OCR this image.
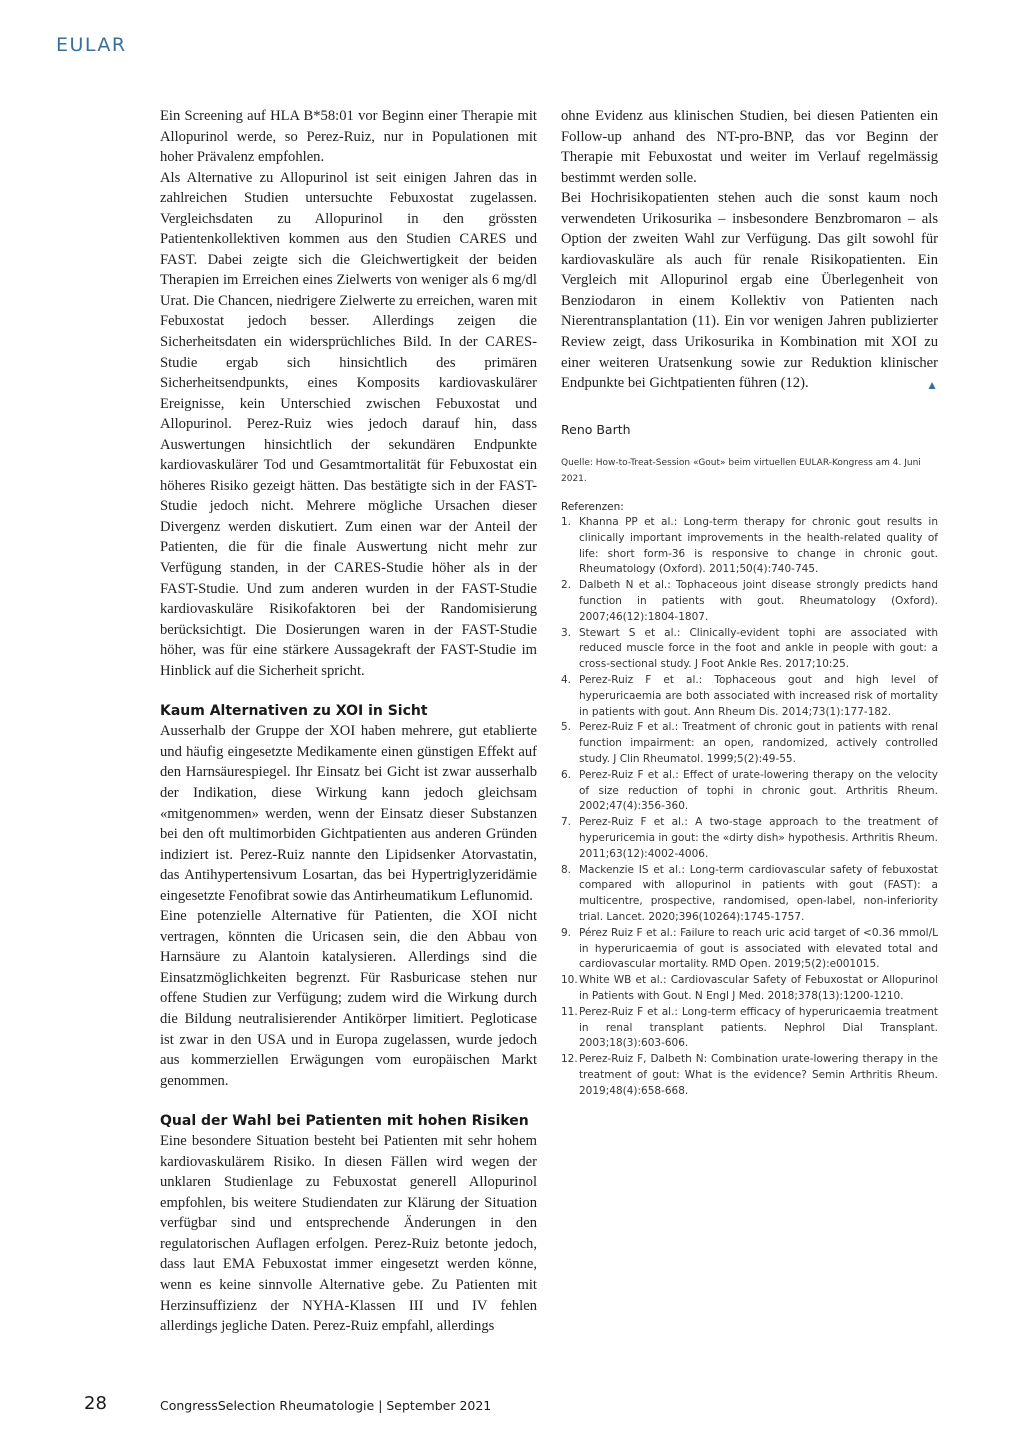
EULAR

Ein Screening auf HLA B*58:01 vor Beginn einer Therapie mit Allopurinol werde, so Perez-Ruiz, nur in Populationen mit hoher Prävalenz empfohlen.

Als Alternative zu Allopurinol ist seit einigen Jahren das in zahlreichen Studien untersuchte Febuxostat zugelassen. Vergleichsdaten zu Allopurinol in den grössten Patientenkollektiven kommen aus den Studien CARES und FAST. Dabei zeigte sich die Gleichwertigkeit der beiden Therapien im Erreichen eines Zielwerts von weniger als 6 mg/dl Urat. Die Chancen, niedrigere Zielwerte zu erreichen, waren mit Febuxostat jedoch besser. Allerdings zeigen die Sicherheitsdaten ein widersprüchliches Bild. In der CARES-Studie ergab sich hinsichtlich des primären Sicherheitsendpunkts, eines Komposits kardiovaskulärer Ereignisse, kein Unterschied zwischen Febuxostat und Allopurinol. Perez-Ruiz wies jedoch darauf hin, dass Auswertungen hinsichtlich der sekundären Endpunkte kardiovaskulärer Tod und Gesamtmortalität für Febuxostat ein höheres Risiko gezeigt hätten. Das bestätigte sich in der FAST-Studie jedoch nicht. Mehrere mögliche Ursachen dieser Divergenz werden diskutiert. Zum einen war der Anteil der Patienten, die für die finale Auswertung nicht mehr zur Verfügung standen, in der CARES-Studie höher als in der FAST-Studie. Und zum anderen wurden in der FAST-Studie kardiovaskuläre Risikofaktoren bei der Randomisierung berücksichtigt. Die Dosierungen waren in der FAST-Studie höher, was für eine stärkere Aussagekraft der FAST-Studie im Hinblick auf die Sicherheit spricht.

Kaum Alternativen zu XOI in Sicht

Ausserhalb der Gruppe der XOI haben mehrere, gut etablierte und häufig eingesetzte Medikamente einen günstigen Effekt auf den Harnsäurespiegel. Ihr Einsatz bei Gicht ist zwar ausserhalb der Indikation, diese Wirkung kann jedoch gleichsam «mitgenommen» werden, wenn der Einsatz dieser Substanzen bei den oft multimorbiden Gichtpatienten aus anderen Gründen indiziert ist. Perez-Ruiz nannte den Lipidsenker Atorvastatin, das Antihypertensivum Losartan, das bei Hypertriglyzeridämie eingesetzte Fenofibrat sowie das Antirheumatikum Leflunomid.

Eine potenzielle Alternative für Patienten, die XOI nicht vertragen, könnten die Uricasen sein, die den Abbau von Harnsäure zu Alantoin katalysieren. Allerdings sind die Einsatzmöglichkeiten begrenzt. Für Rasburicase stehen nur offene Studien zur Verfügung; zudem wird die Wirkung durch die Bildung neutralisierender Antikörper limitiert. Pegloticase ist zwar in den USA und in Europa zugelassen, wurde jedoch aus kommerziellen Erwägungen vom europäischen Markt genommen.

Qual der Wahl bei Patienten mit hohen Risiken

Eine besondere Situation besteht bei Patienten mit sehr hohem kardiovaskulärem Risiko. In diesen Fällen wird wegen der unklaren Studienlage zu Febuxostat generell Allopurinol empfohlen, bis weitere Studiendaten zur Klärung der Situation verfügbar sind und entsprechende Änderungen in den regulatorischen Auflagen erfolgen. Perez-Ruiz betonte jedoch, dass laut EMA Febuxostat immer eingesetzt werden könne, wenn es keine sinnvolle Alternative gebe. Zu Patienten mit Herzinsuffizienz der NYHA-Klassen III und IV fehlen allerdings jegliche Daten. Perez-Ruiz empfahl, allerdings

ohne Evidenz aus klinischen Studien, bei diesen Patienten ein Follow-up anhand des NT-pro-BNP, das vor Beginn der Therapie mit Febuxostat und weiter im Verlauf regelmässig bestimmt werden solle.

Bei Hochrisikopatienten stehen auch die sonst kaum noch verwendeten Urikosurika – insbesondere Benzbromaron – als Option der zweiten Wahl zur Verfügung. Das gilt sowohl für kardiovaskuläre als auch für renale Risikopatienten. Ein Vergleich mit Allopurinol ergab eine Überlegenheit von Benziodaron in einem Kollektiv von Patienten nach Nierentransplantation (11). Ein vor wenigen Jahren publizierter Review zeigt, dass Urikosurika in Kombination mit XOI zu einer weiteren Uratsenkung sowie zur Reduktion klinischer Endpunkte bei Gichtpatienten führen (12).	▲

Reno Barth

Quelle: How-to-Treat-Session «Gout» beim virtuellen EULAR-Kongress am 4. Juni 2021.

Referenzen:

1. Khanna PP et al.: Long-term therapy for chronic gout results in clinically important improvements in the health-related quality of life: short form-36 is responsive to change in chronic gout. Rheumatology (Oxford). 2011;50(4):740-745.

2. Dalbeth N et al.: Tophaceous joint disease strongly predicts hand function in patients with gout. Rheumatology (Oxford). 2007;46(12):1804-1807.

3. Stewart S et al.: Clinically-evident tophi are associated with reduced muscle force in the foot and ankle in people with gout: a cross-sectional study. J Foot Ankle Res. 2017;10:25.

4. Perez-Ruiz F et al.: Tophaceous gout and high level of hyperuricaemia are both associated with increased risk of mortality in patients with gout. Ann Rheum Dis. 2014;73(1):177-182.

5. Perez-Ruiz F et al.: Treatment of chronic gout in patients with renal function impairment: an open, randomized, actively controlled study. J Clin Rheumatol. 1999;5(2):49-55.

6. Perez-Ruiz F et al.: Effect of urate-lowering therapy on the velocity of size reduction of tophi in chronic gout. Arthritis Rheum. 2002;47(4):356-360.

7. Perez-Ruiz F et al.: A two-stage approach to the treatment of hyperuricemia in gout: the «dirty dish» hypothesis. Arthritis Rheum. 2011;63(12):4002-4006.

8. Mackenzie IS et al.: Long-term cardiovascular safety of febuxostat compared with allopurinol in patients with gout (FAST): a multicentre, prospective, randomised, open-label, non-inferiority trial. Lancet. 2020;396(10264):1745-1757.

9. Pérez Ruiz F et al.: Failure to reach uric acid target of <0.36 mmol/L in hyperuricaemia of gout is associated with elevated total and cardiovascular mortality. RMD Open. 2019;5(2):e001015.

10. White WB et al.: Cardiovascular Safety of Febuxostat or Allopurinol in Patients with Gout. N Engl J Med. 2018;378(13):1200-1210.

11. Perez-Ruiz F et al.: Long-term efficacy of hyperuricaemia treatment in renal transplant patients. Nephrol Dial Transplant. 2003;18(3):603-606.

12. Perez-Ruiz F, Dalbeth N: Combination urate-lowering therapy in the treatment of gout: What is the evidence? Semin Arthritis Rheum. 2019;48(4):658-668.

28	CongressSelection Rheumatologie | September 2021
